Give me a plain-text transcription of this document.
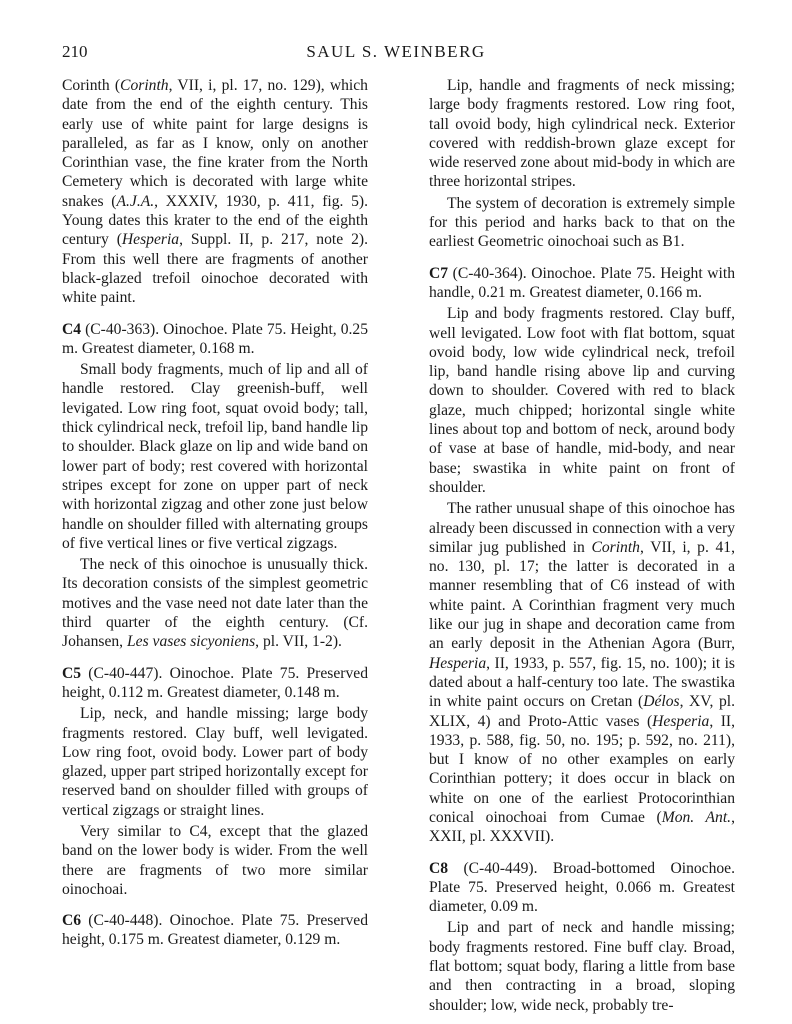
210	SAUL S. WEINBERG

Corinth (Corinth, VII, i, pl. 17, no. 129), which date from the end of the eighth century. This early use of white paint for large designs is paralleled, as far as I know, only on another Corinthian vase, the fine krater from the North Cemetery which is decorated with large white snakes (A.J.A., XXXIV, 1930, p. 411, fig. 5). Young dates this krater to the end of the eighth century (Hesperia, Suppl. II, p. 217, note 2). From this well there are fragments of another black-glazed trefoil oinochoe decorated with white paint.

C4 (C-40-363). Oinochoe. Plate 75. Height, 0.25 m. Greatest diameter, 0.168 m.

Small body fragments, much of lip and all of handle restored. Clay greenish-buff, well levigated. Low ring foot, squat ovoid body; tall, thick cylindrical neck, trefoil lip, band handle lip to shoulder. Black glaze on lip and wide band on lower part of body; rest covered with horizontal stripes except for zone on upper part of neck with horizontal zigzag and other zone just below handle on shoulder filled with alternating groups of five vertical lines or five vertical zigzags.

The neck of this oinochoe is unusually thick. Its decoration consists of the simplest geometric motives and the vase need not date later than the third quarter of the eighth century. (Cf. Johansen, Les vases sicyoniens, pl. VII, 1-2).

C5 (C-40-447). Oinochoe. Plate 75. Preserved height, 0.112 m. Greatest diameter, 0.148 m.

Lip, neck, and handle missing; large body fragments restored. Clay buff, well levigated. Low ring foot, ovoid body. Lower part of body glazed, upper part striped horizontally except for reserved band on shoulder filled with groups of vertical zigzags or straight lines.

Very similar to C4, except that the glazed band on the lower body is wider. From the well there are fragments of two more similar oinochoai.

C6 (C-40-448). Oinochoe. Plate 75. Preserved height, 0.175 m. Greatest diameter, 0.129 m.

Lip, handle and fragments of neck missing; large body fragments restored. Low ring foot, tall ovoid body, high cylindrical neck. Exterior covered with reddish-brown glaze except for wide reserved zone about mid-body in which are three horizontal stripes.

The system of decoration is extremely simple for this period and harks back to that on the earliest Geometric oinochoai such as B1.

C7 (C-40-364). Oinochoe. Plate 75. Height with handle, 0.21 m. Greatest diameter, 0.166 m.

Lip and body fragments restored. Clay buff, well levigated. Low foot with flat bottom, squat ovoid body, low wide cylindrical neck, trefoil lip, band handle rising above lip and curving down to shoulder. Covered with red to black glaze, much chipped; horizontal single white lines about top and bottom of neck, around body of vase at base of handle, mid-body, and near base; swastika in white paint on front of shoulder.

The rather unusual shape of this oinochoe has already been discussed in connection with a very similar jug published in Corinth, VII, i, p. 41, no. 130, pl. 17; the latter is decorated in a manner resembling that of C6 instead of with white paint. A Corinthian fragment very much like our jug in shape and decoration came from an early deposit in the Athenian Agora (Burr, Hesperia, II, 1933, p. 557, fig. 15, no. 100); it is dated about a half-century too late. The swastika in white paint occurs on Cretan (Délos, XV, pl. XLIX, 4) and Proto-Attic vases (Hesperia, II, 1933, p. 588, fig. 50, no. 195; p. 592, no. 211), but I know of no other examples on early Corinthian pottery; it does occur in black on white on one of the earliest Protocorinthian conical oinochoai from Cumae (Mon. Ant., XXII, pl. XXXVII).

C8 (C-40-449). Broad-bottomed Oinochoe. Plate 75. Preserved height, 0.066 m. Greatest diameter, 0.09 m.

Lip and part of neck and handle missing; body fragments restored. Fine buff clay. Broad, flat bottom; squat body, flaring a little from base and then contracting in a broad, sloping shoulder; low, wide neck, probably tre-
